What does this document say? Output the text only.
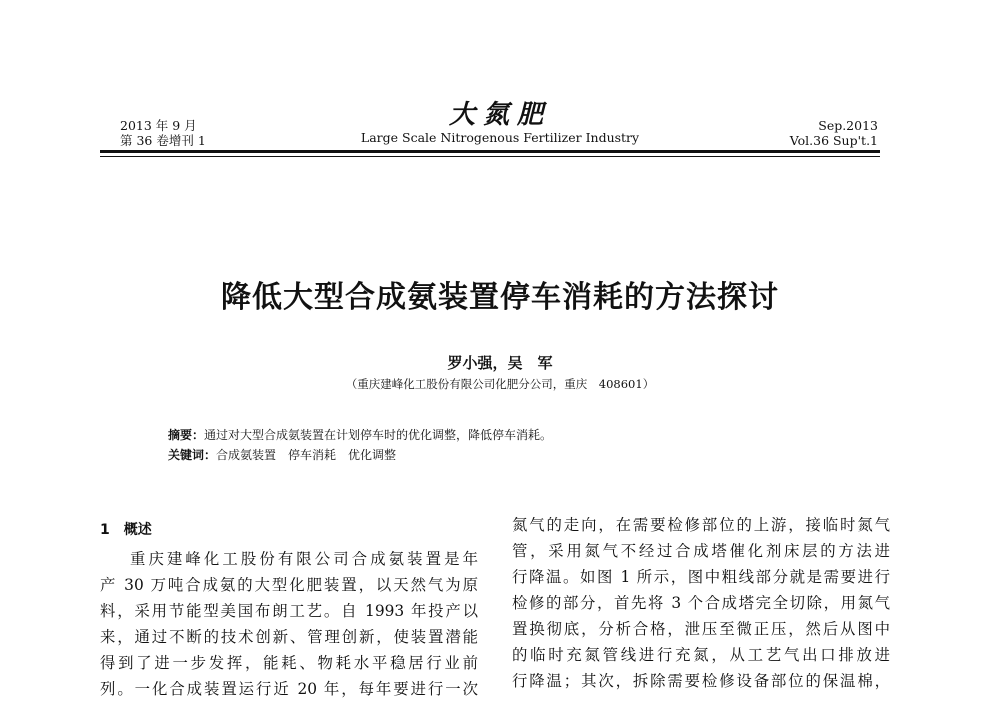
2013 年 9 月
第 36 卷增刊 1
大氮肥
Large Scale Nitrogenous Fertilizer Industry
Sep.2013
Vol.36 Sup't.1
降低大型合成氨装置停车消耗的方法探讨
罗小强，吴　军
（重庆建峰化工股份有限公司化肥分公司，重庆　408601）
摘要：通过对大型合成氨装置在计划停车时的优化调整，降低停车消耗。
关键词：合成氨装置　停车消耗　优化调整
1　概述
重庆建峰化工股份有限公司合成氨装置是年
产 30 万吨合成氨的大型化肥装置，以天然气为原
料，采用节能型美国布朗工艺。自 1993 年投产以
来，通过不断的技术创新、管理创新，使装置潜能
得到了进一步发挥，能耗、物耗水平稳居行业前
列。一化合成装置运行近 20 年，每年要进行一次
氮气的走向，在需要检修部位的上游，接临时氮气
管，采用氮气不经过合成塔催化剂床层的方法进
行降温。如图 1 所示，图中粗线部分就是需要进行
检修的部分，首先将 3 个合成塔完全切除，用氮气
置换彻底，分析合格，泄压至微正压，然后从图中
的临时充氮管线进行充氮，从工艺气出口排放进
行降温；其次，拆除需要检修设备部位的保温棉，
